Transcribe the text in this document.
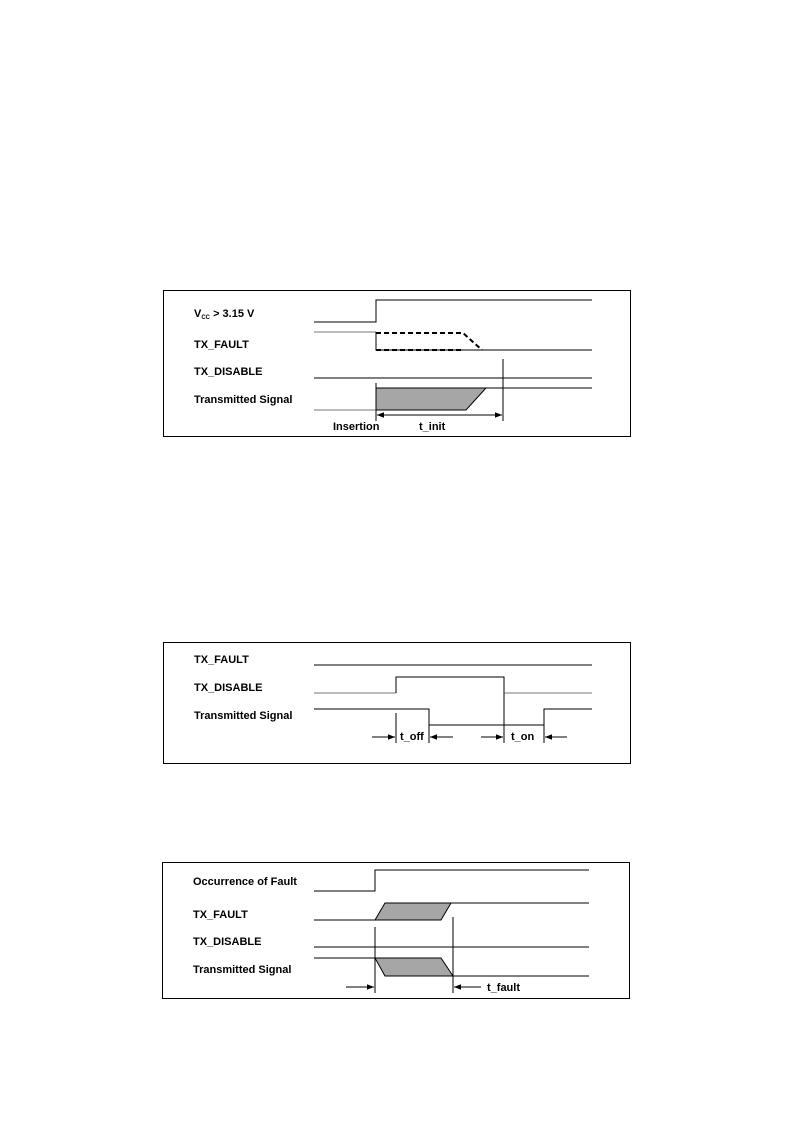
VCC > 3.15 V
TX_FAULT
TX_DISABLE
Transmitted Signal
Insertion	t_init
TX_FAULT
TX_DISABLE
Transmitted Signal
t_off	t_on
Occurrence of Fault
TX_FAULT
TX_DISABLE
Transmitted Signal
t_fault
